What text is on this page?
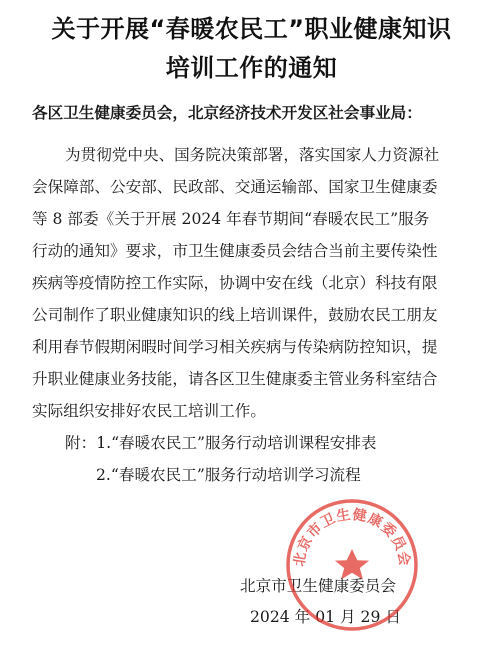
关于开展“春暖农民工”职业健康知识
培训工作的通知
各区卫生健康委员会，北京经济技术开发区社会事业局：
为贯彻党中央、国务院决策部署，落实国家人力资源社
会保障部、公安部、民政部、交通运输部、国家卫生健康委
等 8 部委《关于开展 2024 年春节期间“春暖农民工”服务
行动的通知》要求，市卫生健康委员会结合当前主要传染性
疾病等疫情防控工作实际，协调中安在线（北京）科技有限
公司制作了职业健康知识的线上培训课件，鼓励农民工朋友
利用春节假期闲暇时间学习相关疾病与传染病防控知识，提
升职业健康业务技能，请各区卫生健康委主管业务科室结合
实际组织安排好农民工培训工作。
附：1.“春暖农民工”服务行动培训课程安排表
2.“春暖农民工”服务行动培训学习流程
北京市卫生健康委员会
2024 年 01 月 29 日
北京市卫生健康委员会
